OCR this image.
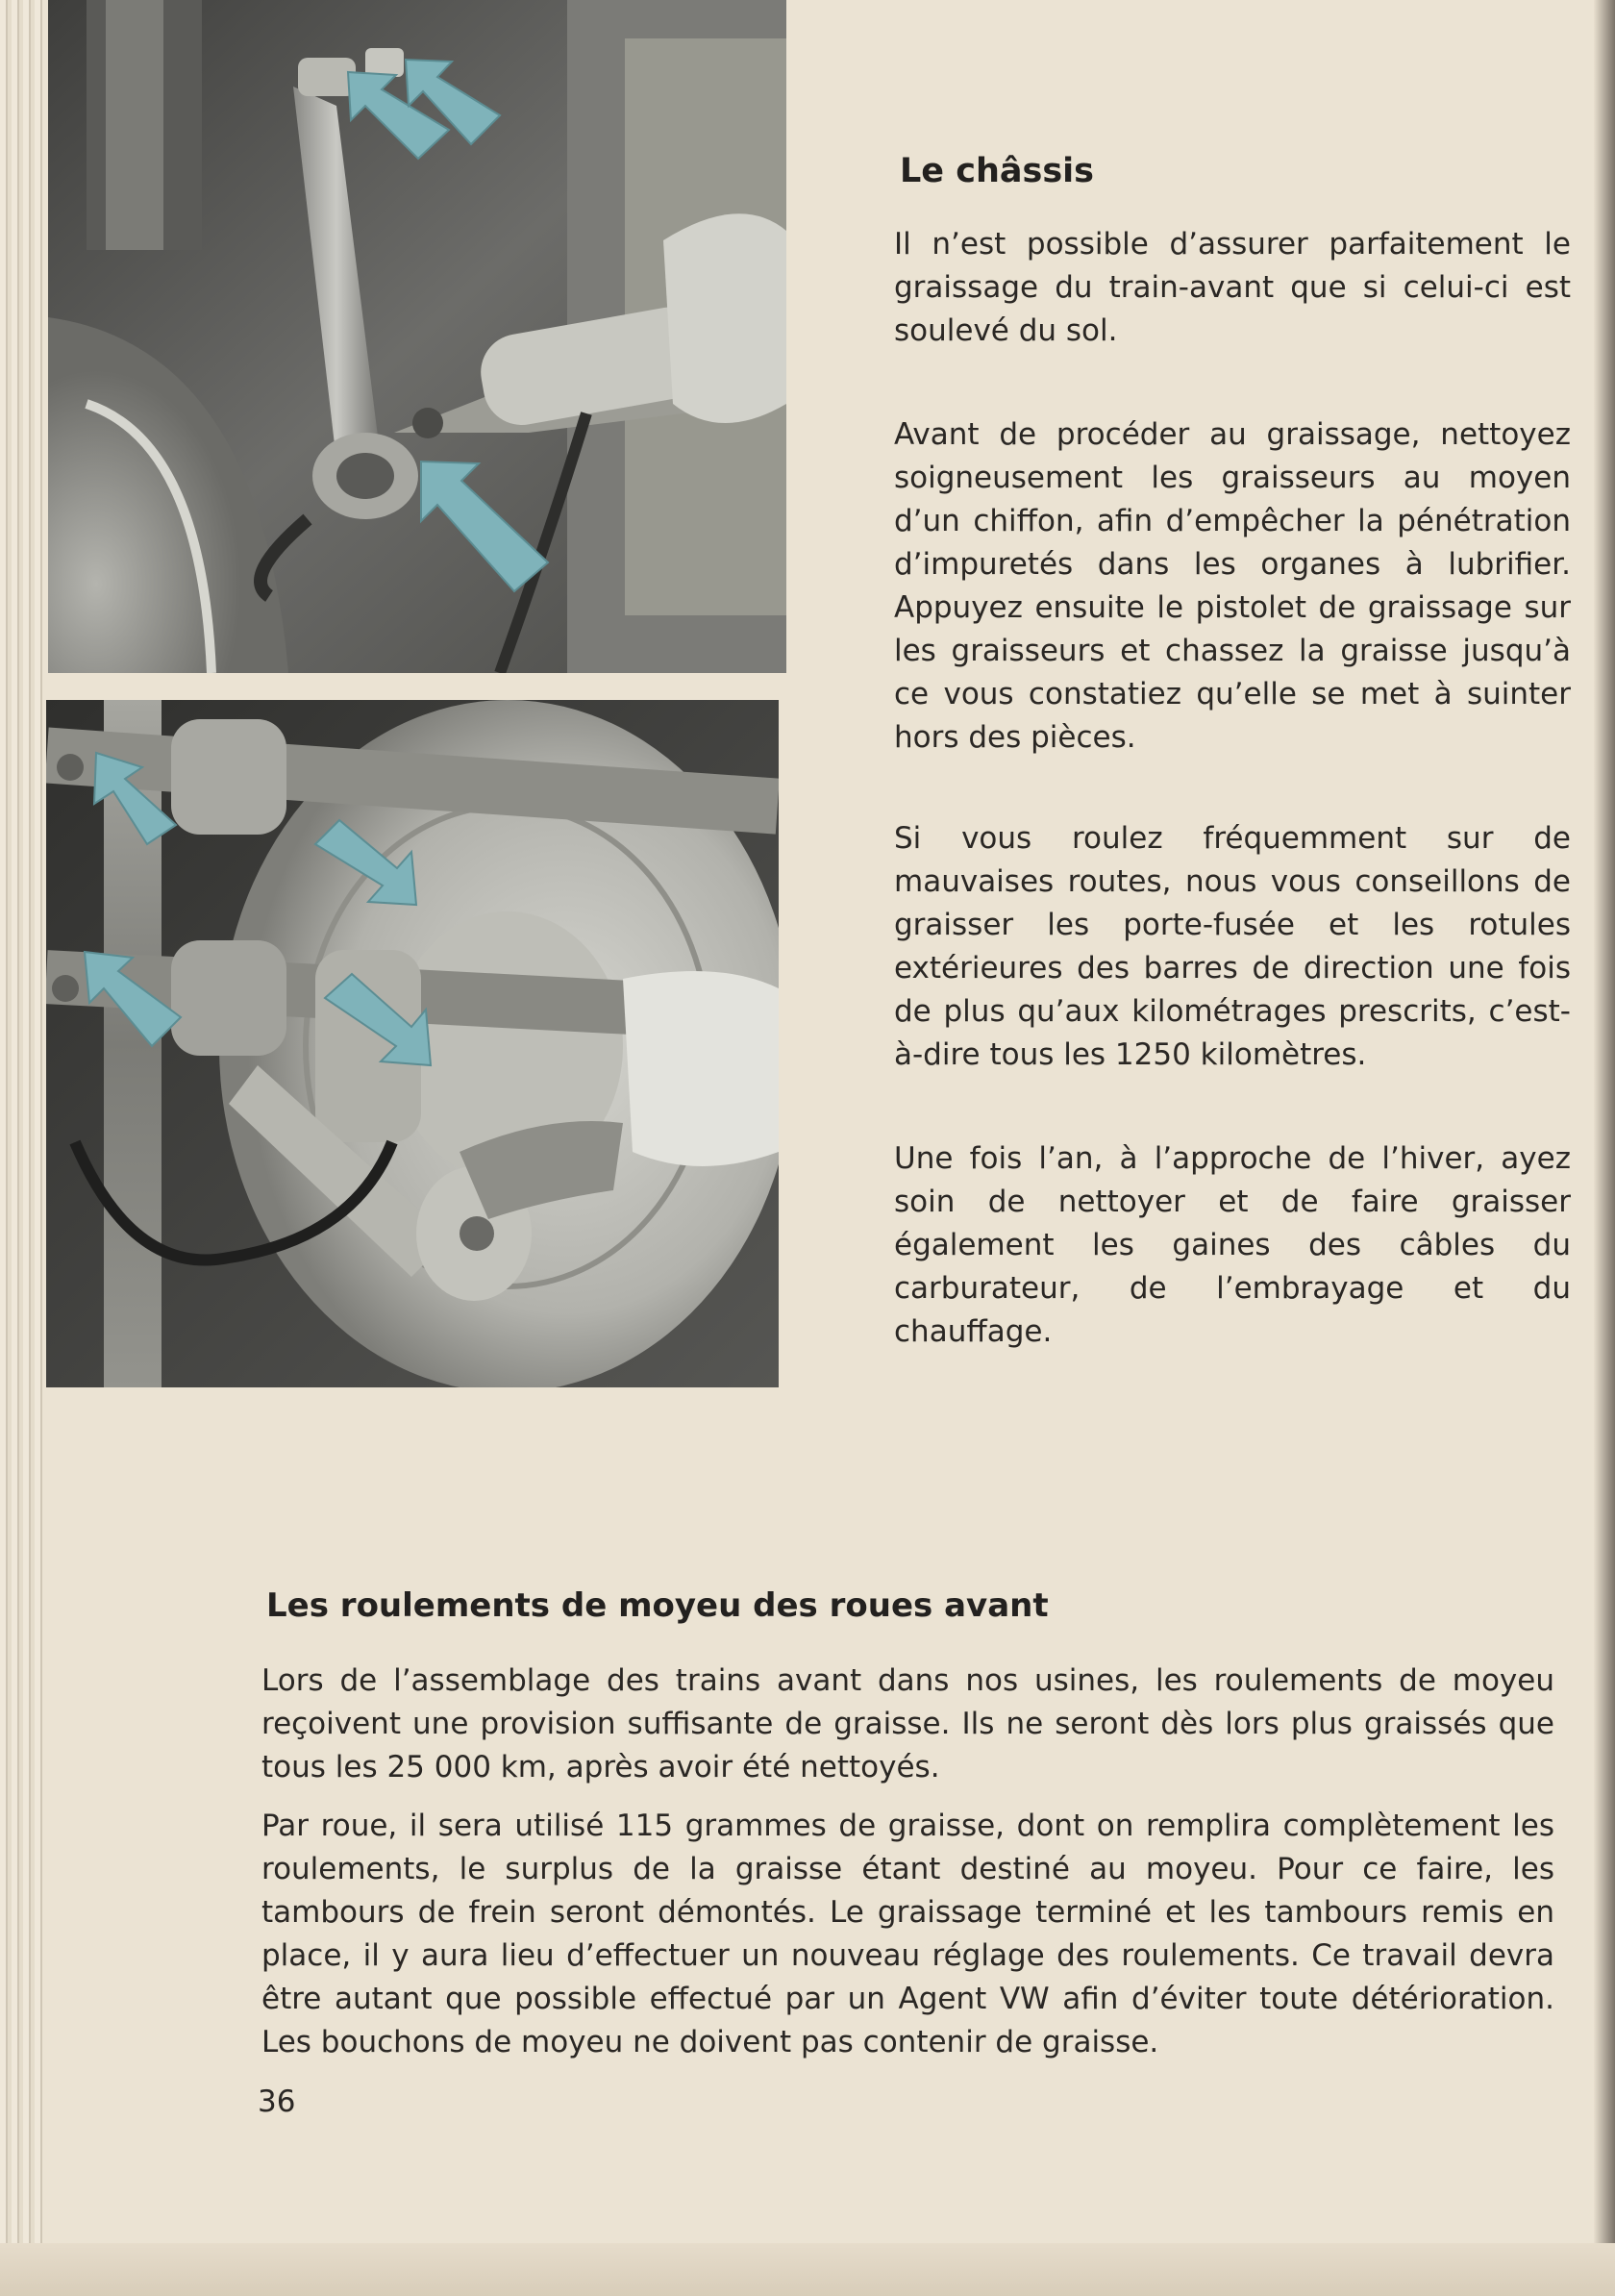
Le châssis

Il n’est possible d’assurer parfaitement le graissage du train-avant que si celui-ci est soulevé du sol.

Avant de procéder au graissage, nettoyez soigneusement les graisseurs au moyen d’un chiffon, afin d’empêcher la pénétration d’impuretés dans les organes à lubrifier. Appuyez ensuite le pistolet de graissage sur les graisseurs et chassez la graisse jusqu’à ce vous constatiez qu’elle se met à suinter hors des pièces.

Si vous roulez fréquemment sur de mauvaises routes, nous vous conseillons de graisser les porte-fusée et les rotules extérieures des barres de direction une fois de plus qu’aux kilométrages prescrits, c’est-à-dire tous les 1250 kilomètres.

Une fois l’an, à l’approche de l’hiver, ayez soin de nettoyer et de faire graisser également les gaines des câbles du carburateur, de l’embrayage et du chauffage.

Les roulements de moyeu des roues avant

Lors de l’assemblage des trains avant dans nos usines, les roulements de moyeu reçoivent une provision suffisante de graisse. Ils ne seront dès lors plus graissés que tous les 25 000 km, après avoir été nettoyés.

Par roue, il sera utilisé 115 grammes de graisse, dont on remplira complètement les roulements, le surplus de la graisse étant destiné au moyeu. Pour ce faire, les tambours de frein seront démontés. Le graissage terminé et les tambours remis en place, il y aura lieu d’effectuer un nouveau réglage des roulements. Ce travail devra être autant que possible effectué par un Agent VW afin d’éviter toute détérioration. Les bouchons de moyeu ne doivent pas contenir de graisse.

36
